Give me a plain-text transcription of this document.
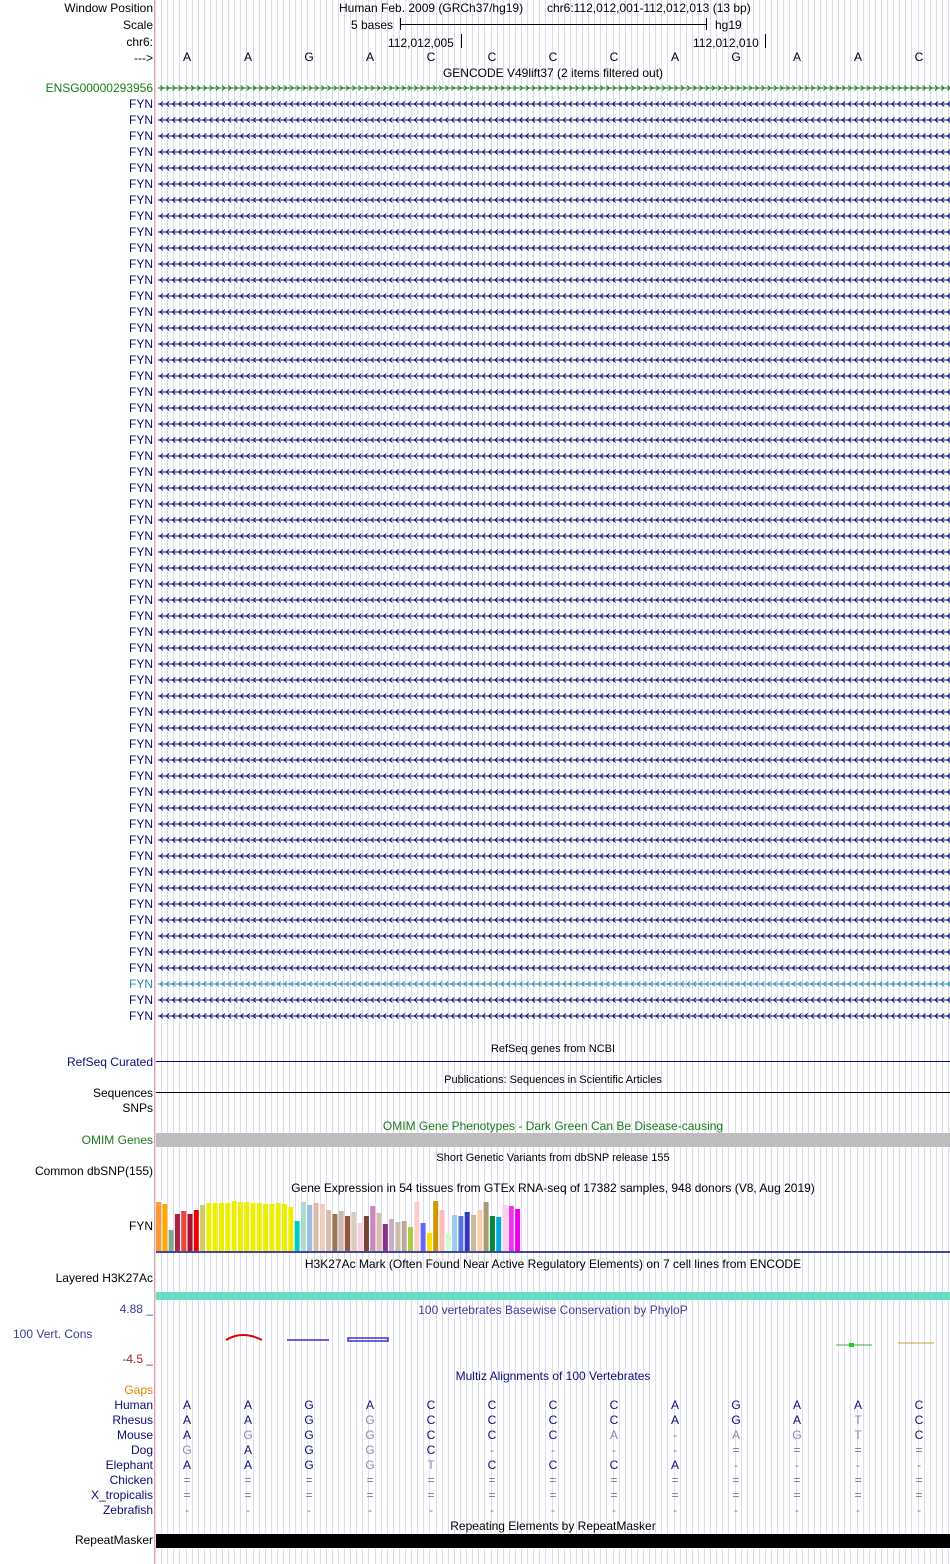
Window Position	Human Feb. 2009 (GRCh37/hg19) chr6:112,012,001-112,012,013 (13 bp)
Scale	5 bases	hg19
chr6:	112,012,005	112,012,010
--->	A	A	G	A	C	C	C	C	A	G	A	A	C
GENCODE V49lift37 (2 items filtered out)
ENSG00000293956
FYN
FYN
FYN
FYN
FYN
FYN
FYN
FYN
FYN
FYN
FYN
FYN
FYN
FYN
FYN
FYN
FYN
FYN
FYN
FYN
FYN
FYN
FYN
FYN
FYN
FYN
FYN
FYN
FYN
FYN
FYN
FYN
FYN
FYN
FYN
FYN
FYN
FYN
FYN
FYN
FYN
FYN
FYN
FYN
FYN
FYN
FYN
FYN
FYN
FYN
FYN
FYN
FYN
FYN
FYN
FYN
FYN
FYN
RefSeq genes from NCBI
RefSeq Curated
Publications: Sequences in Scientific Articles
Sequences
SNPs
OMIM Gene Phenotypes - Dark Green Can Be Disease-causing
OMIM Genes
Short Genetic Variants from dbSNP release 155
Common dbSNP(155)
Gene Expression in 54 tissues from GTEx RNA-seq of 17382 samples, 948 donors (V8, Aug 2019)
FYN
H3K27Ac Mark (Often Found Near Active Regulatory Elements) on 7 cell lines from ENCODE
Layered H3K27Ac
100 vertebrates Basewise Conservation by PhyloP
4.88 _
100 Vert. Cons
-4.5 _
Multiz Alignments of 100 Vertebrates
Gaps
Human	A	A	G	A	C	C	C	C	A	G	A	A	C
Rhesus	A	A	G	G	C	C	C	C	A	G	A	T	C
Mouse	A	G	G	G	C	C	C	A	-	A	G	T	C
Dog	G	A	G	G	C	-	-	-	-	=	=	=	=
Elephant	A	A	G	G	T	C	C	C	A	-	-	-	-
Chicken	=	=	=	=	=	=	=	=	=	=	=	=	=
X_tropicalis	=	=	=	=	=	=	=	=	=	=	=	=	=
Zebrafish	-	-	-	-	-	-	-	-	-	-	-	-	-
Repeating Elements by RepeatMasker
RepeatMasker
